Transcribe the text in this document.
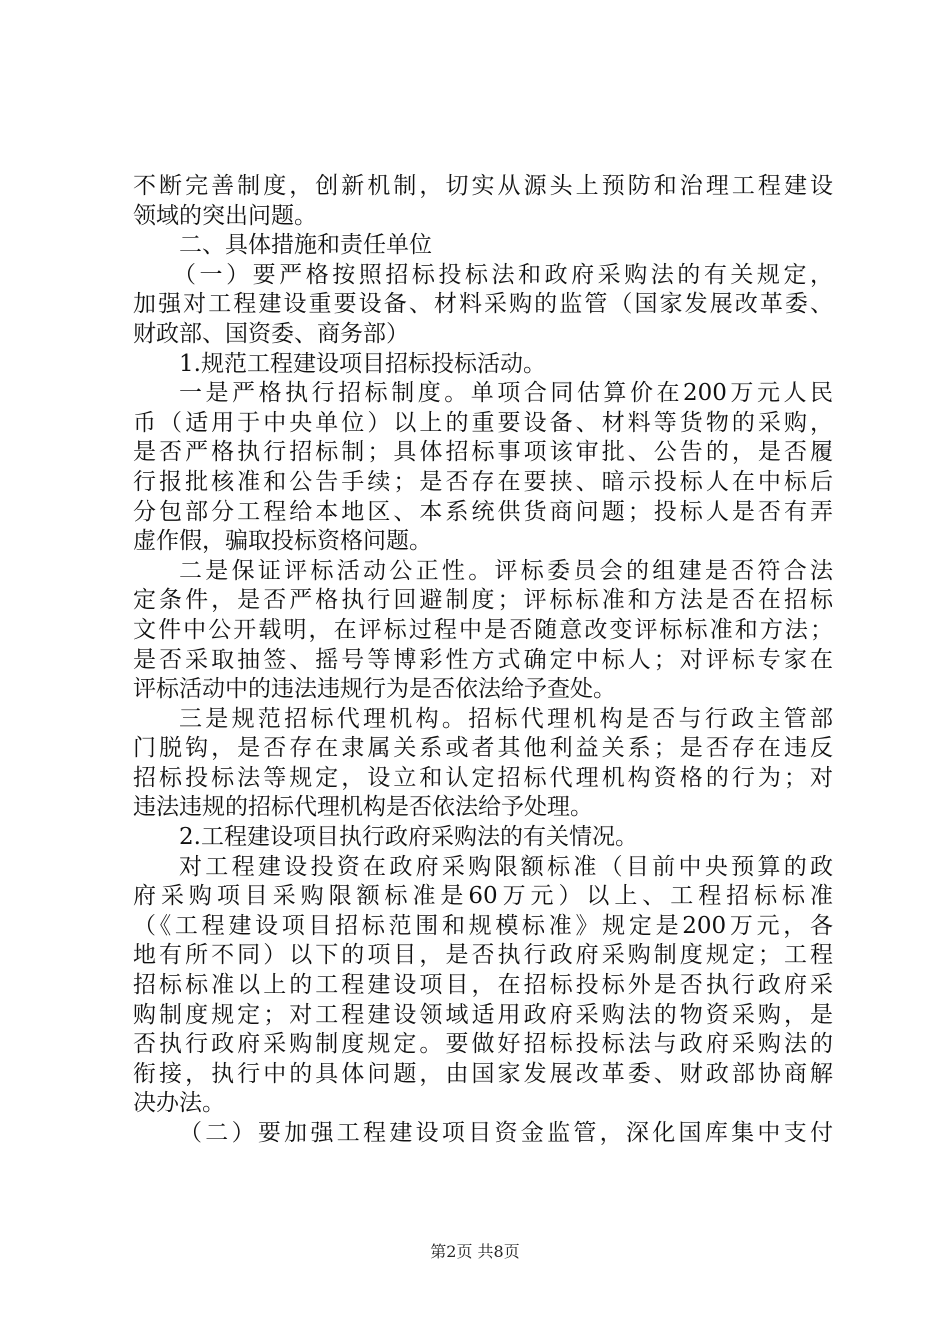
不断完善制度，创新机制，切实从源头上预防和治理工程建设
领域的突出问题。
二、具体措施和责任单位
（一）要严格按照招标投标法和政府采购法的有关规定，
加强对工程建设重要设备、材料采购的监管（国家发展改革委、
财政部、国资委、商务部）
1.规范工程建设项目招标投标活动。
一是严格执行招标制度。单项合同估算价在200万元人民
币（适用于中央单位）以上的重要设备、材料等货物的采购，
是否严格执行招标制；具体招标事项该审批、公告的，是否履
行报批核准和公告手续；是否存在要挟、暗示投标人在中标后
分包部分工程给本地区、本系统供货商问题；投标人是否有弄
虚作假，骗取投标资格问题。
二是保证评标活动公正性。评标委员会的组建是否符合法
定条件，是否严格执行回避制度；评标标准和方法是否在招标
文件中公开载明，在评标过程中是否随意改变评标标准和方法；
是否采取抽签、摇号等博彩性方式确定中标人；对评标专家在
评标活动中的违法违规行为是否依法给予查处。
三是规范招标代理机构。招标代理机构是否与行政主管部
门脱钩，是否存在隶属关系或者其他利益关系；是否存在违反
招标投标法等规定，设立和认定招标代理机构资格的行为；对
违法违规的招标代理机构是否依法给予处理。
2.工程建设项目执行政府采购法的有关情况。
对工程建设投资在政府采购限额标准（目前中央预算的政
府采购项目采购限额标准是60万元）以上、工程招标标准
（《工程建设项目招标范围和规模标准》规定是200万元，各
地有所不同）以下的项目，是否执行政府采购制度规定；工程
招标标准以上的工程建设项目，在招标投标外是否执行政府采
购制度规定；对工程建设领域适用政府采购法的物资采购，是
否执行政府采购制度规定。要做好招标投标法与政府采购法的
衔接，执行中的具体问题，由国家发展改革委、财政部协商解
决办法。
（二）要加强工程建设项目资金监管，深化国库集中支付
第2页 共8页
